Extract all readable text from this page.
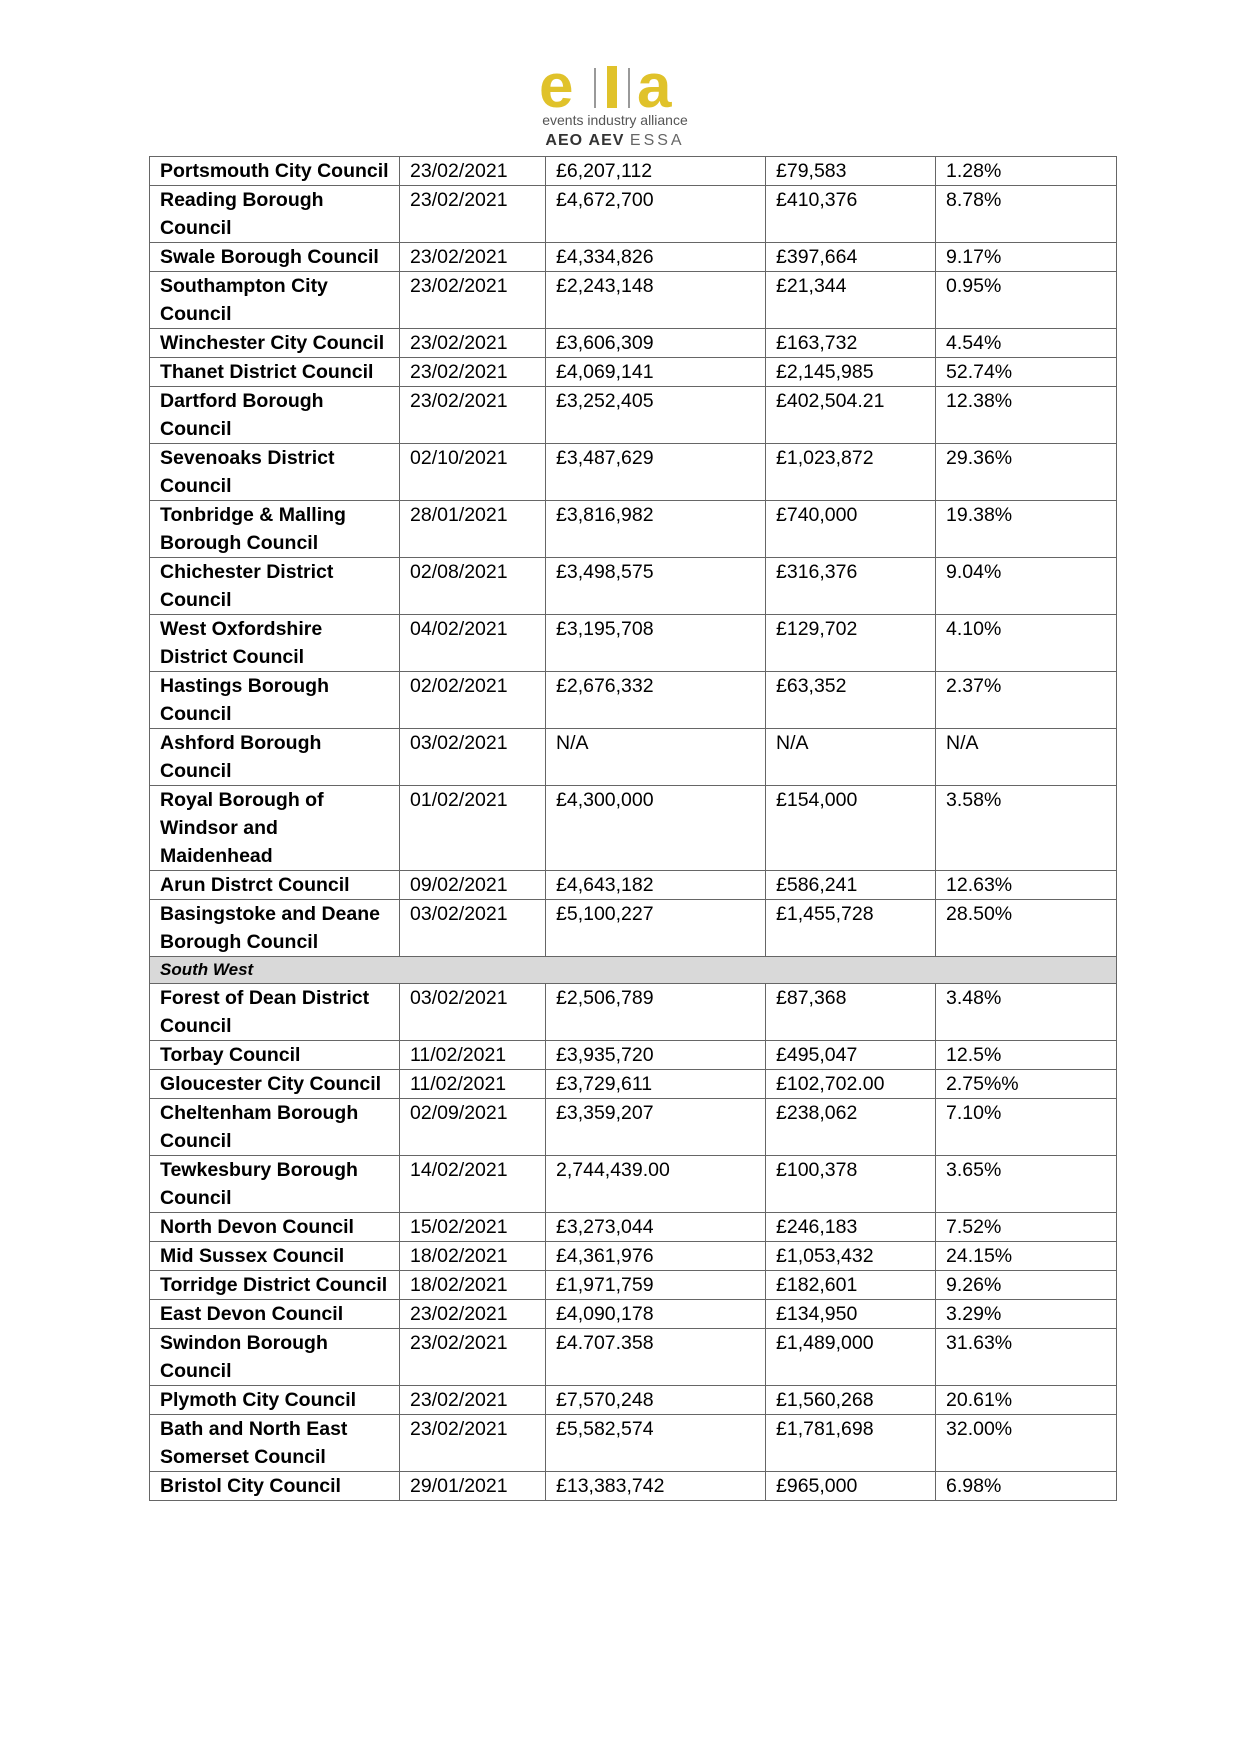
e a
events industry alliance
AEO AEV ESSA
Portsmouth City Council	23/02/2021	£6,207,112	£79,583	1.28%
Reading Borough Council	23/02/2021	£4,672,700	£410,376	8.78%
Swale Borough Council	23/02/2021	£4,334,826	£397,664	9.17%
Southampton City Council	23/02/2021	£2,243,148	£21,344	0.95%
Winchester City Council	23/02/2021	£3,606,309	£163,732	4.54%
Thanet District Council	23/02/2021	£4,069,141	£2,145,985	52.74%
Dartford Borough Council	23/02/2021	£3,252,405	£402,504.21	12.38%
Sevenoaks District Council	02/10/2021	£3,487,629	£1,023,872	29.36%
Tonbridge & Malling Borough Council	28/01/2021	£3,816,982	£740,000	19.38%
Chichester District Council	02/08/2021	£3,498,575	£316,376	9.04%
West Oxfordshire District Council	04/02/2021	£3,195,708	£129,702	4.10%
Hastings Borough Council	02/02/2021	£2,676,332	£63,352	2.37%
Ashford Borough Council	03/02/2021	N/A	N/A	N/A
Royal Borough of Windsor and Maidenhead	01/02/2021	£4,300,000	£154,000	3.58%
Arun Distrct Council	09/02/2021	£4,643,182	£586,241	12.63%
Basingstoke and Deane Borough Council	03/02/2021	£5,100,227	£1,455,728	28.50%
South West				
Forest of Dean District Council	03/02/2021	£2,506,789	£87,368	3.48%
Torbay Council	11/02/2021	£3,935,720	£495,047	12.5%
Gloucester City Council	11/02/2021	£3,729,611	£102,702.00	2.75%%
Cheltenham Borough Council	02/09/2021	£3,359,207	£238,062	7.10%
Tewkesbury Borough Council	14/02/2021	2,744,439.00	£100,378	3.65%
North Devon Council	15/02/2021	£3,273,044	£246,183	7.52%
Mid Sussex Council	18/02/2021	£4,361,976	£1,053,432	24.15%
Torridge District Council	18/02/2021	£1,971,759	£182,601	9.26%
East Devon Council	23/02/2021	£4,090,178	£134,950	3.29%
Swindon Borough Council	23/02/2021	£4.707.358	£1,489,000	31.63%
Plymoth City Council	23/02/2021	£7,570,248	£1,560,268	20.61%
Bath and North East Somerset Council	23/02/2021	£5,582,574	£1,781,698	32.00%
Bristol City Council	29/01/2021	£13,383,742	£965,000	6.98%
